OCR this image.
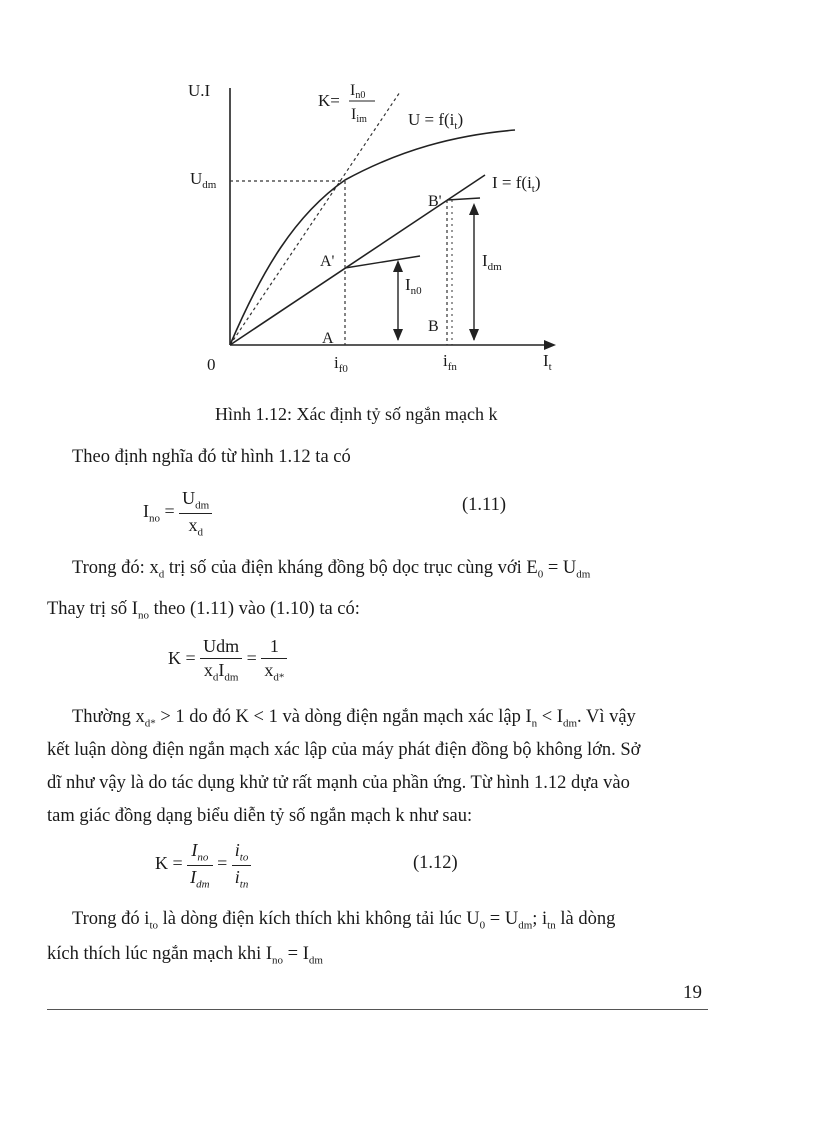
U.I
0
$U_{dm}$
K=
In0
Iim $U = f(i_t)$
$I = f(i_t)$
B'
A'
A
B
$I_{n0}$
$I_{dm}$
$i_{f0}$	$i_{fn}$	$I_t$
Hình 1.12: Xác định tỷ số ngắn mạch k
Theo định nghĩa đó từ hình 1.12 ta có
$I_{no} = \frac{U_{dm}}{x_d}$	(1.11)
Trong đó: $x_d$ trị số của điện kháng đồng bộ dọc trục cùng với $E_0 = U_{dm}$
Thay trị số $I_{no}$ theo (1.11) vào (1.10) ta có:
$K = \frac{\text{Udm}}{x_dI_{dm}} = \frac{1}{x_{d*}}$
Thường $x_{d*} > 1$ do đó K < 1 và dòng điện ngắn mạch xác lập $I_n < I_{dm}$. Vì vậy
kết luận dòng điện ngắn mạch xác lập của máy phát điện đồng bộ không lớn. Sở
dĩ như vậy là do tác dụng khử tử rất mạnh của phần ứng. Từ hình 1.12 dựa vào
tam giác đồng dạng biểu diễn tỷ số ngắn mạch k như sau:
$K = \frac{I_{no}}{I_{dm}} = \frac{i_{to}}{i_{tn}}$	(1.12)
Trong đó $i_{to}$ là dòng điện kích thích khi không tải lúc $U_0 = U_{dm}$; $i_{tn}$ là dòng
kích thích lúc ngắn mạch khi $I_{no} = I_{dm}$
19
